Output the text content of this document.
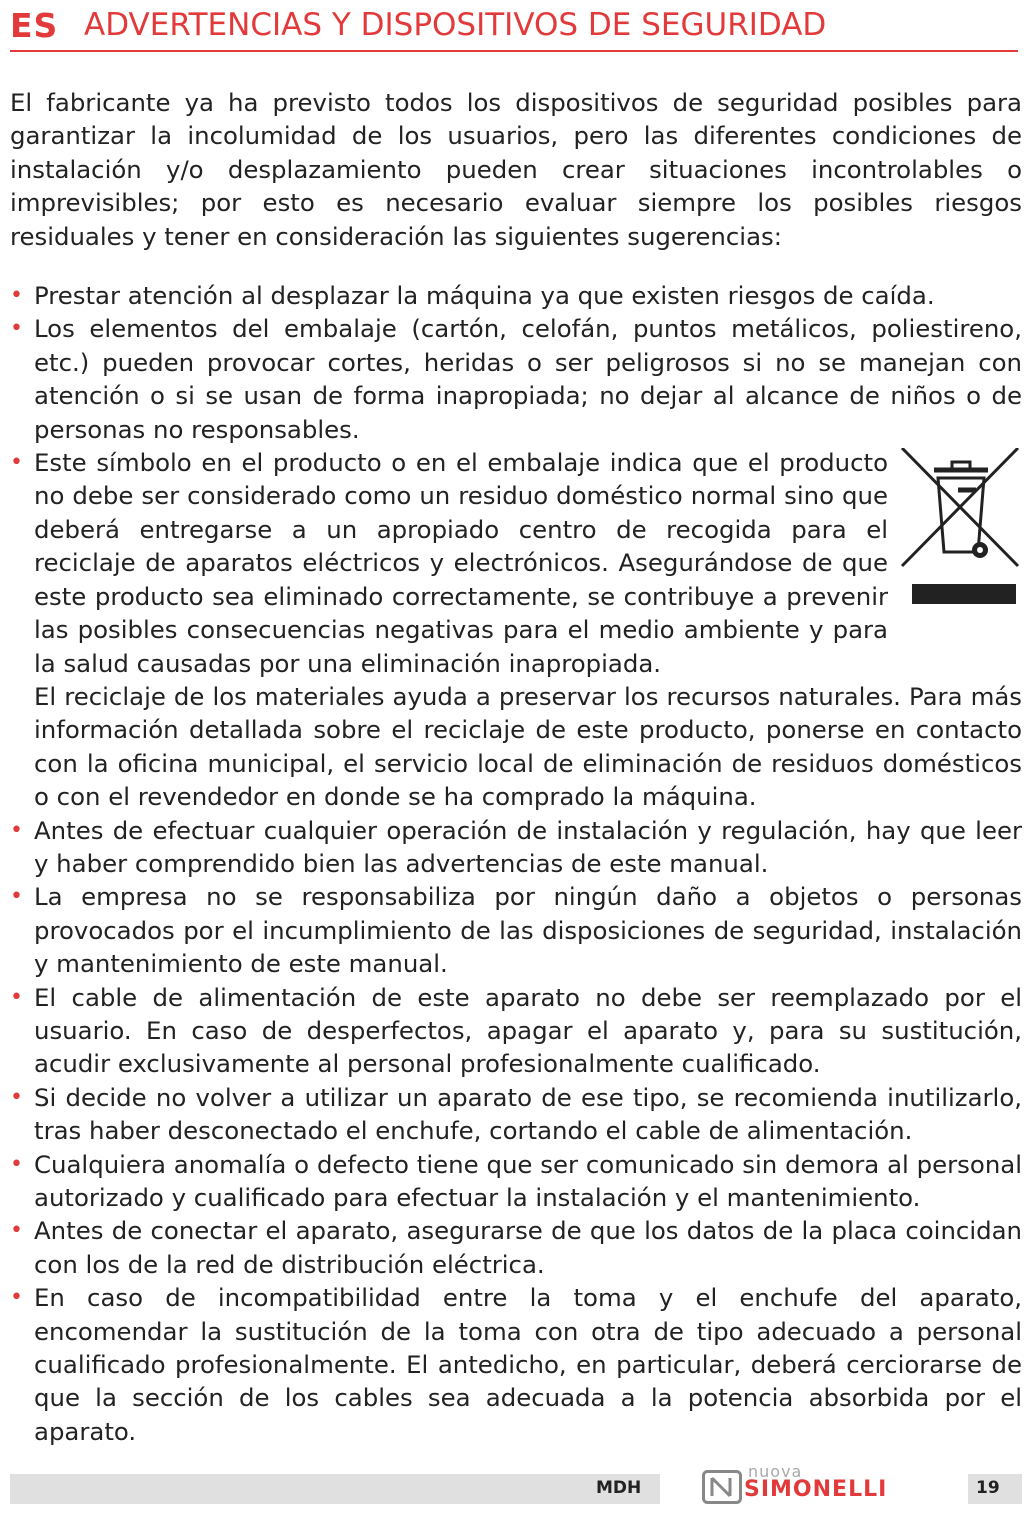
ES ADVERTENCIAS Y DISPOSITIVOS DE SEGURIDAD

El fabricante ya ha previsto todos los dispositivos de seguridad posibles para garantizar la incolumidad de los usuarios, pero las diferentes condiciones de instalación y/o desplazamiento pueden crear situaciones incontrolables o imprevisibles; por esto es necesario evaluar siempre los posibles riesgos residuales y tener en consideración las siguientes sugerencias:

• Prestar atención al desplazar la máquina ya que existen riesgos de caída.
• Los elementos del embalaje (cartón, celofán, puntos metálicos, poliestireno, etc.) pueden provocar cortes, heridas o ser peligrosos si no se manejan con atención o si se usan de forma inapropiada; no dejar al alcance de niños o de personas no responsables.
• Este símbolo en el producto o en el embalaje indica que el producto no debe ser considerado como un residuo doméstico normal sino que deberá entregarse a un apropiado centro de recogida para el reciclaje de aparatos eléctricos y electrónicos. Asegurándose de que este producto sea eliminado correctamente, se contribuye a prevenir las posibles consecuencias negativas para el medio ambiente y para la salud causadas por una eliminación inapropiada.
El reciclaje de los materiales ayuda a preservar los recursos naturales. Para más información detallada sobre el reciclaje de este producto, ponerse en contacto con la oficina municipal, el servicio local de eliminación de residuos domésticos o con el revendedor en donde se ha comprado la máquina.
• Antes de efectuar cualquier operación de instalación y regulación, hay que leer y haber comprendido bien las advertencias de este manual.
• La empresa no se responsabiliza por ningún daño a objetos o personas provocados por el incumplimiento de las disposiciones de seguridad, instalación y mantenimiento de este manual.
• El cable de alimentación de este aparato no debe ser reemplazado por el usuario. En caso de desperfectos, apagar el aparato y, para su sustitución, acudir exclusivamente al personal profesionalmente cualificado.
• Si decide no volver a utilizar un aparato de ese tipo, se recomienda inutilizarlo, tras haber desconectado el enchufe, cortando el cable de alimentación.
• Cualquiera anomalía o defecto tiene que ser comunicado sin demora al personal autorizado y cualificado para efectuar la instalación y el mantenimiento.
• Antes de conectar el aparato, asegurarse de que los datos de la placa coincidan con los de la red de distribución eléctrica.
• En caso de incompatibilidad entre la toma y el enchufe del aparato, encomendar la sustitución de la toma con otra de tipo adecuado a personal cualificado profesionalmente. El antedicho, en particular, deberá cerciorarse de que la sección de los cables sea adecuada a la potencia absorbida por el aparato.
MDH
nuova
SIMONELLI	19
